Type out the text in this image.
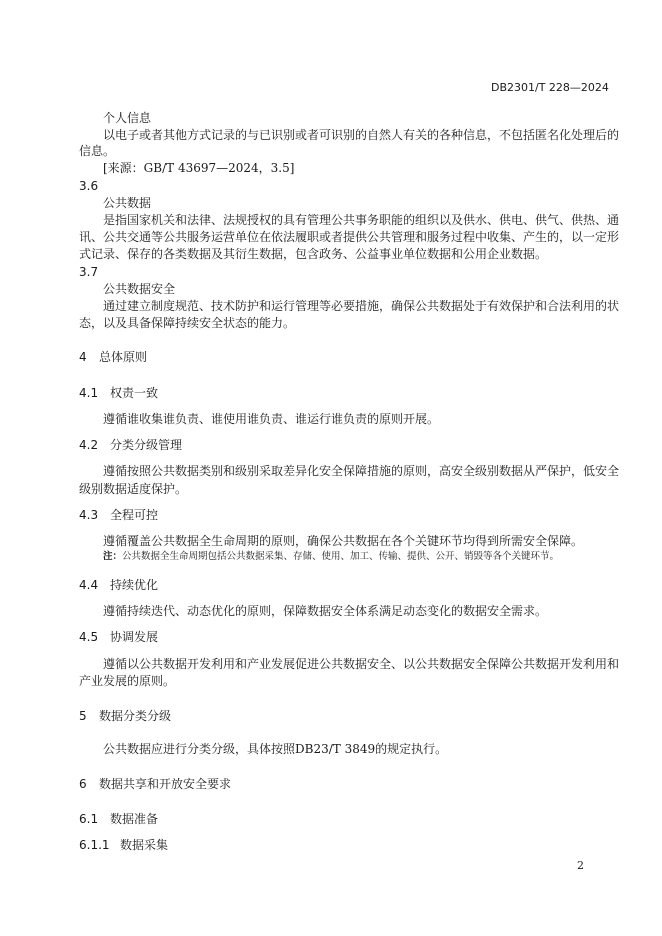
DB2301/T 228—2024
个人信息
以电子或者其他方式记录的与已识别或者可识别的自然人有关的各种信息，不包括匿名化处理后的
信息。
[来源：GB/T 43697—2024，3.5]
3.6
公共数据
是指国家机关和法律、法规授权的具有管理公共事务职能的组织以及供水、供电、供气、供热、通
讯、公共交通等公共服务运营单位在依法履职或者提供公共管理和服务过程中收集、产生的，以一定形
式记录、保存的各类数据及其衍生数据，包含政务、公益事业单位数据和公用企业数据。
3.7
公共数据安全
通过建立制度规范、技术防护和运行管理等必要措施，确保公共数据处于有效保护和合法利用的状
态，以及具备保障持续安全状态的能力。
4 总体原则
4.1 权责一致
遵循谁收集谁负责、谁使用谁负责、谁运行谁负责的原则开展。
4.2 分类分级管理
遵循按照公共数据类别和级别采取差异化安全保障措施的原则，高安全级别数据从严保护，低安全
级别数据适度保护。
4.3 全程可控
遵循覆盖公共数据全生命周期的原则，确保公共数据在各个关键环节均得到所需安全保障。
注：公共数据全生命周期包括公共数据采集、存储、使用、加工、传输、提供、公开、销毁等各个关键环节。
4.4 持续优化
遵循持续迭代、动态优化的原则，保障数据安全体系满足动态变化的数据安全需求。
4.5 协调发展
遵循以公共数据开发利用和产业发展促进公共数据安全、以公共数据安全保障公共数据开发利用和
产业发展的原则。
5 数据分类分级
公共数据应进行分类分级，具体按照DB23/T 3849的规定执行。
6 数据共享和开放安全要求
6.1 数据准备
6.1.1 数据采集
2
